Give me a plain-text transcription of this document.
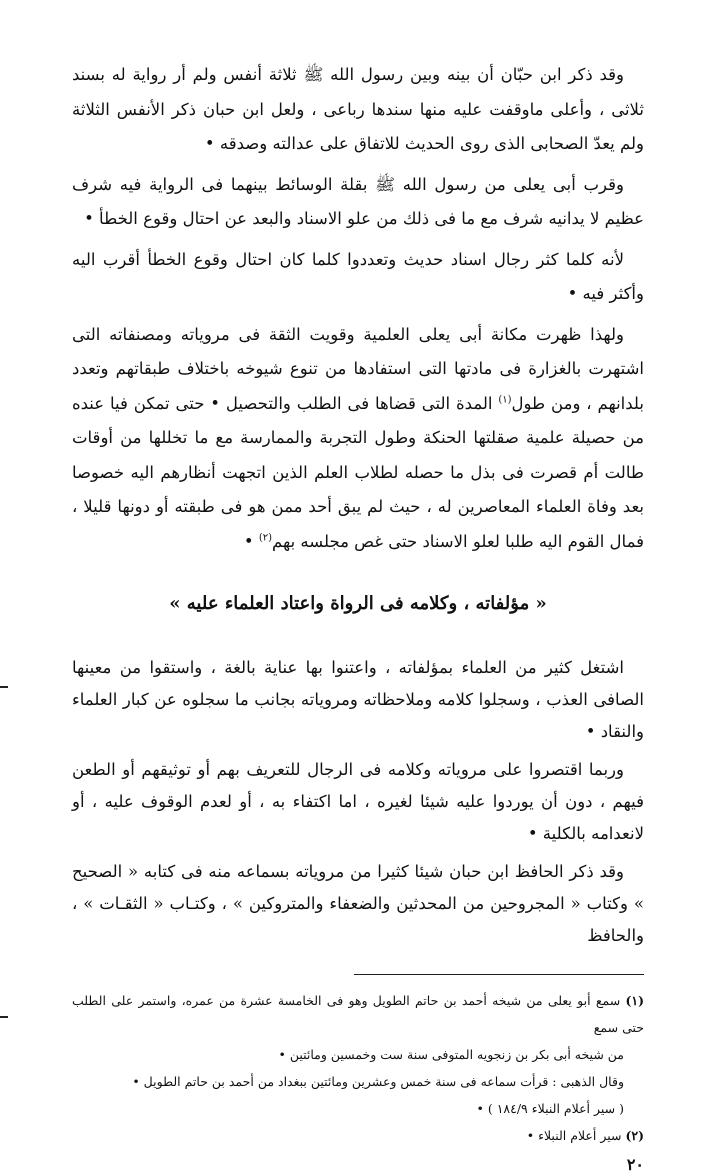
وقد ذكر ابن حبّان أن بينه وبين رسول الله ﷺ ثلاثة أنفس ولم أر رواية له بسند ثلاثى ، وأعلى ماوقفت عليه منها سندها رباعى ، ولعل ابن حبان ذكر الأنفس الثلاثة ولم يعدّ الصحابى الذى روى الحديث للاتفاق على عدالته وصدقه •

وقرب أبى يعلى من رسول الله ﷺ بقلة الوسائط بينهما فى الرواية فيه شرف عظيم لا يدانيه شرف مع ما فى ذلك من علو الاسناد والبعد عن احتال وقوع الخطأ •

لأنه كلما كثر رجال اسناد حديث وتعددوا كلما كان احتال وقوع الخطأ أقرب اليه وأكثر فيه •

ولهذا ظهرت مكانة أبى يعلى العلمية وقويت الثقة فى مروياته ومصنفاته التى اشتهرت بالغزارة فى مادتها التى استفادها من تنوع شيوخه باختلاف طبقاتهم وتعدد بلدانهم ، ومن طول$^{(١)}$ المدة التى قضاها فى الطلب والتحصيل • حتى تمكن فيا عنده من حصيلة علمية صقلتها الحنكة وطول التجربة والممارسة مع ما تخللها من أوقات طالت أم قصرت فى بذل ما حصله لطلاب العلم الذين اتجهت أنظارهم اليه خصوصا بعد وفاة العلماء المعاصرين له ، حيث لم يبق أحد ممن هو فى طبقته أو دونها قليلا ، فمال القوم اليه طلبا لعلو الاسناد حتى غص مجلسه بهم$^{(٢)}$ •

« مؤلفاته ، وكلامه فى الرواة واعتاد العلماء عليه »

اشتغل كثير من العلماء بمؤلفاته ، واعتنوا بها عناية بالغة ، واستقوا من معينها الصافى العذب ، وسجلوا كلامه وملاحظاته ومروياته بجانب ما سجلوه عن كبار العلماء والنقاد •

وربما اقتصروا على مروياته وكلامه فى الرجال للتعريف بهم أو توثيقهم أو الطعن فيهم ، دون أن يوردوا عليه شيئا لغيره ، اما اكتفاء به ، أو لعدم الوقوف عليه ، أو لانعدامه بالكلية •

وقد ذكر الحافظ ابن حبان شيئا كثيرا من مروياته بسماعه منه فى كتابه « الصحيح » وكتاب « المجروحين من المحدثين والضعفاء والمتروكين » ، وكتـاب « الثقـات » ، والحافظ

(١) سمع أبو يعلى من شيخه أحمد بن حاتم الطويل وهو فى الخامسة عشرة من عمره، واستمر على الطلب حتى سمع

من شيخه أبى بكر بن زنجويه المتوفى سنة ست وخمسين ومائتين •

وقال الذهبى : قرأت سماعه فى سنة خمس وعشرين ومائتين ببغداد من أحمد بن حاتم الطويل •

( سير أعلام النبلاء ١٨٤/٩ ) •

(٢) سير أعلام النبلاء •

٢٠
